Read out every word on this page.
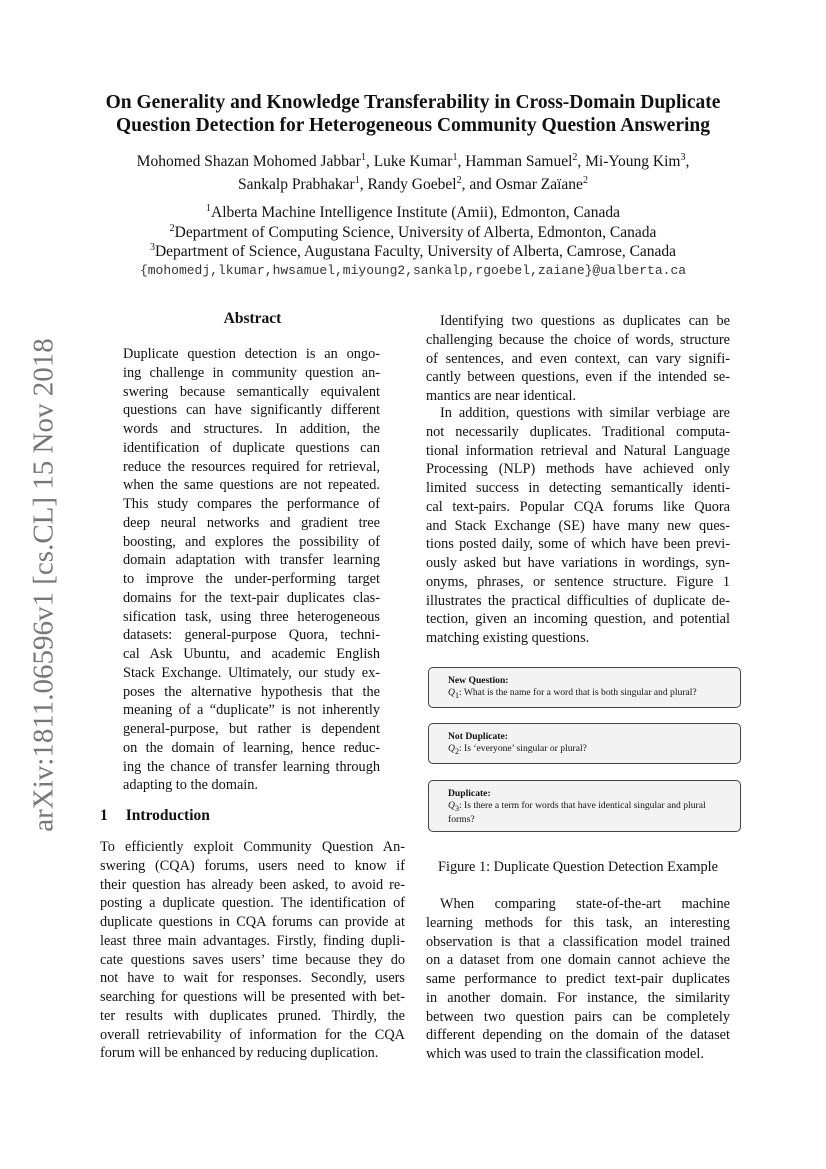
arXiv:1811.06596v1 [cs.CL] 15 Nov 2018
On Generality and Knowledge Transferability in Cross-Domain Duplicate
Question Detection for Heterogeneous Community Question Answering
Mohomed Shazan Mohomed Jabbar$^1$, Luke Kumar$^1$, Hamman Samuel$^2$, Mi-Young Kim$^3$,
Sankalp Prabhakar$^1$, Randy Goebel$^2$, and Osmar Zaïane$^2$
$^1$Alberta Machine Intelligence Institute (Amii), Edmonton, Canada
$^2$Department of Computing Science, University of Alberta, Edmonton, Canada
$^3$Department of Science, Augustana Faculty, University of Alberta, Camrose, Canada
{mohomedj,lkumar,hwsamuel,miyoung2,sankalp,rgoebel,zaiane}@ualberta.ca
Abstract
Duplicate question detection is an ongo-
ing challenge in community question an-
swering because semantically equivalent
questions can have significantly different
words and structures. In addition, the
identification of duplicate questions can
reduce the resources required for retrieval,
when the same questions are not repeated.
This study compares the performance of
deep neural networks and gradient tree
boosting, and explores the possibility of
domain adaptation with transfer learning
to improve the under-performing target
domains for the text-pair duplicates clas-
sification task, using three heterogeneous
datasets: general-purpose Quora, techni-
cal Ask Ubuntu, and academic English
Stack Exchange. Ultimately, our study ex-
poses the alternative hypothesis that the
meaning of a “duplicate” is not inherently
general-purpose, but rather is dependent
on the domain of learning, hence reduc-
ing the chance of transfer learning through
adapting to the domain.
1 Introduction
To efficiently exploit Community Question An-
swering (CQA) forums, users need to know if
their question has already been asked, to avoid re-
posting a duplicate question. The identification of
duplicate questions in CQA forums can provide at
least three main advantages. Firstly, finding dupli-
cate questions saves users’ time because they do
not have to wait for responses. Secondly, users
searching for questions will be presented with bet-
ter results with duplicates pruned. Thirdly, the
overall retrievability of information for the CQA
forum will be enhanced by reducing duplication.
Identifying two questions as duplicates can be
challenging because the choice of words, structure
of sentences, and even context, can vary signifi-
cantly between questions, even if the intended se-
mantics are near identical.
In addition, questions with similar verbiage are
not necessarily duplicates. Traditional computa-
tional information retrieval and Natural Language
Processing (NLP) methods have achieved only
limited success in detecting semantically identi-
cal text-pairs. Popular CQA forums like Quora
and Stack Exchange (SE) have many new ques-
tions posted daily, some of which have been previ-
ously asked but have variations in wordings, syn-
onyms, phrases, or sentence structure. Figure 1
illustrates the practical difficulties of duplicate de-
tection, given an incoming question, and potential
matching existing questions.
New Question:
$Q_1$: What is the name for a word that is both singular and plural?
Not Duplicate:
$Q_2$: Is ‘everyone’ singular or plural?
Duplicate:
$Q_3$: Is there a term for words that have identical singular and plural forms?
Figure 1: Duplicate Question Detection Example
When comparing state-of-the-art machine
learning methods for this task, an interesting
observation is that a classification model trained
on a dataset from one domain cannot achieve the
same performance to predict text-pair duplicates
in another domain. For instance, the similarity
between two question pairs can be completely
different depending on the domain of the dataset
which was used to train the classification model.
